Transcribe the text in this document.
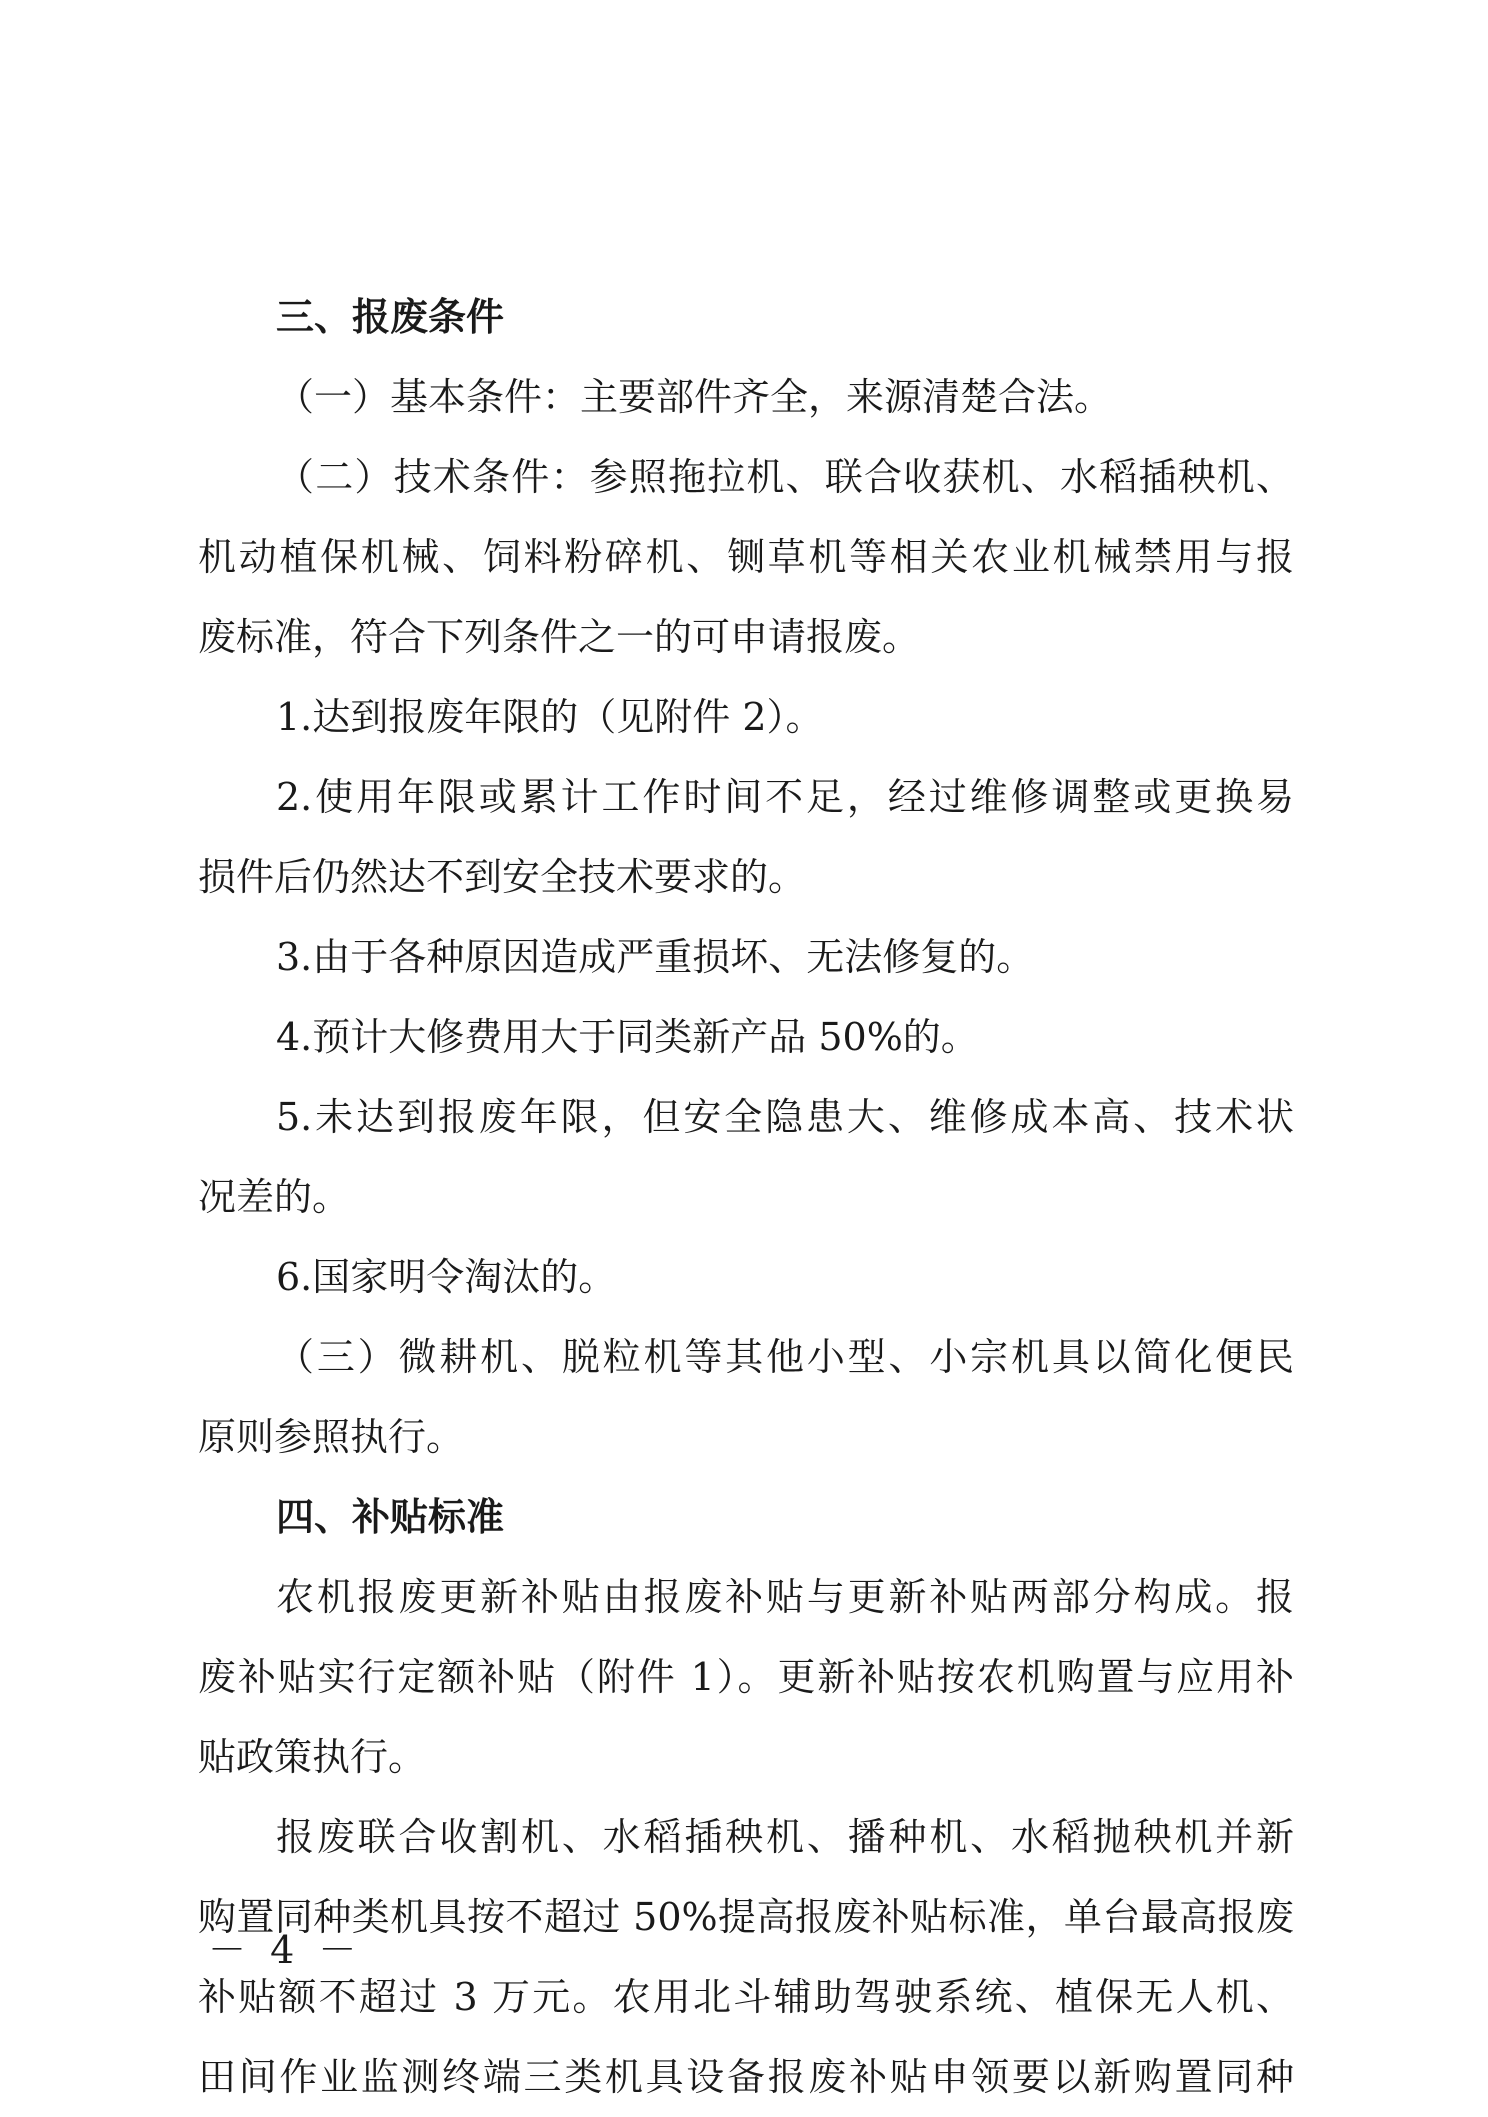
三、报废条件
（一）基本条件：主要部件齐全，来源清楚合法。
（二）技术条件：参照拖拉机、联合收获机、水稻插秧机、
机动植保机械、饲料粉碎机、铡草机等相关农业机械禁用与报
废标准，符合下列条件之一的可申请报废。
1.达到报废年限的（见附件 2）。
2.使用年限或累计工作时间不足，经过维修调整或更换易
损件后仍然达不到安全技术要求的。
3.由于各种原因造成严重损坏、无法修复的。
4.预计大修费用大于同类新产品 50%的。
5.未达到报废年限，但安全隐患大、维修成本高、技术状
况差的。
6.国家明令淘汰的。
（三）微耕机、脱粒机等其他小型、小宗机具以简化便民
原则参照执行。
四、补贴标准
农机报废更新补贴由报废补贴与更新补贴两部分构成。报
废补贴实行定额补贴（附件 1）。更新补贴按农机购置与应用补
贴政策执行。
报废联合收割机、水稻插秧机、播种机、水稻抛秧机并新
购置同种类机具按不超过 50%提高报废补贴标准，单台最高报废
补贴额不超过 3 万元。农用北斗辅助驾驶系统、植保无人机、
田间作业监测终端三类机具设备报废补贴申领要以新购置同种
－ 4 －
